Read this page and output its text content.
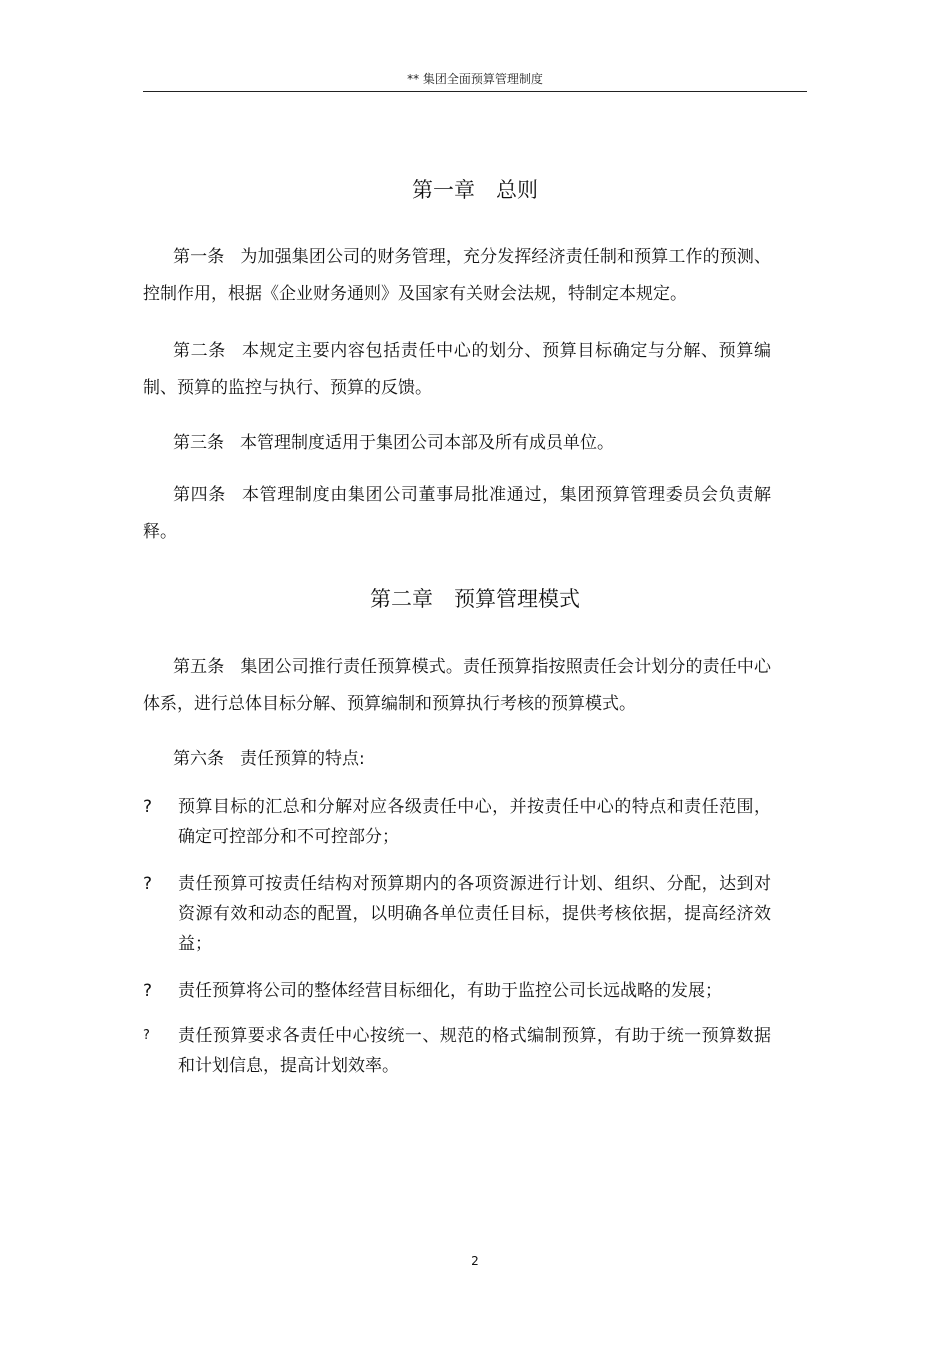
** 集团全面预算管理制度
第一章　总则
第一条 为加强集团公司的财务管理，充分发挥经济责任制和预算工作的预测、控制作用，根据《企业财务通则》及国家有关财会法规，特制定本规定。
第二条 本规定主要内容包括责任中心的划分、预算目标确定与分解、预算编制、预算的监控与执行、预算的反馈。
第三条 本管理制度适用于集团公司本部及所有成员单位。
第四条 本管理制度由集团公司董事局批准通过，集团预算管理委员会负责解释。
第二章　预算管理模式
第五条 集团公司推行责任预算模式。责任预算指按照责任会计划分的责任中心体系，进行总体目标分解、预算编制和预算执行考核的预算模式。
第六条 责任预算的特点:
?	预算目标的汇总和分解对应各级责任中心，并按责任中心的特点和责任范围，确定可控部分和不可控部分；
?	责任预算可按责任结构对预算期内的各项资源进行计划、组织、分配，达到对资源有效和动态的配置，以明确各单位责任目标，提供考核依据，提高经济效益；
?	责任预算将公司的整体经营目标细化，有助于监控公司长远战略的发展；
?	责任预算要求各责任中心按统一、规范的格式编制预算，有助于统一预算数据和计划信息，提高计划效率。
2
